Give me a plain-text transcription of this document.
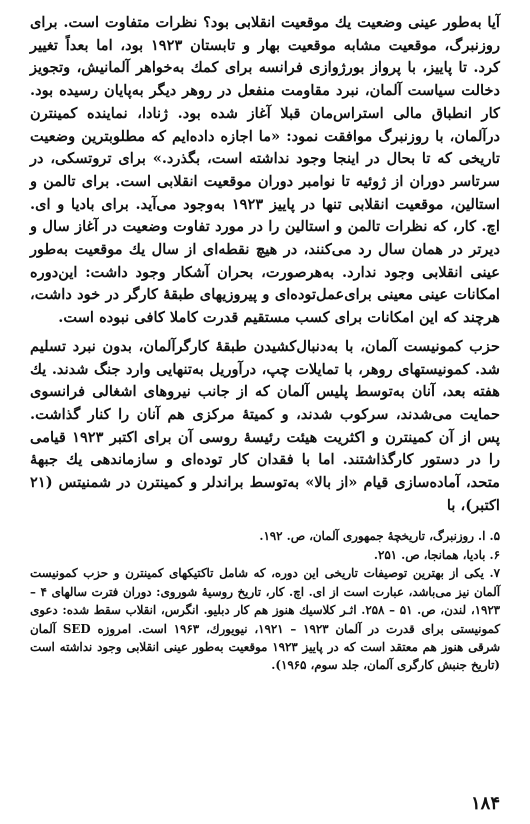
آیا به‌طور عینی وضعیت یك موقعیت انقلابی بود؟ نظرات متفاوت است. برای روزنبرگ، موقعیت مشابه موقعیت بهار و تابستان ۱۹۲۳ بود، اما بعداً تغییر کرد. تا پاییز، با پرواز بورژوازی فرانسه برای کمك به‌خواهر آلمانیش، وتجویز دخالت سیاست آلمان، نبرد مقاومت منفعل در روهر دیگر به‌پایان رسیده بود. کار انطباق مالی استراس‌مان قبلا آغاز شده بود. ژنادا، نماینده کمینترن درآلمان، با روزنبرگ موافقت نمود: «ما اجازه داده‌ایم که مطلوبترین وضعیت تاریخی که تا بحال در اینجا وجود نداشته است، بگذرد.» برای تروتسکی، در سرتاسر دوران از ژوئیه تا نوامبر دوران موقعیت انقلابی است. برای تالمن و استالین، موقعیت انقلابی تنها در پاییز ۱۹۲۳ به‌وجود می‌آید. برای بادیا و ای. اچ. کار، که نظرات تالمن و استالین را در مورد تفاوت وضعیت در آغاز سال و دیرتر در همان سال رد می‌کنند، در هیچ نقطه‌ای از سال یك موقعیت به‌طور عینی انقلابی وجود ندارد. به‌هرصورت، بحران آشکار وجود داشت: این‌دوره امکانات عینی معینی برای‌عمل‌توده‌ای و پیروزیهای طبقهٔ کارگر در خود داشت، هرچند که این امکانات برای کسب مستقیم قدرت کاملا کافی نبوده است.

حزب کمونیست آلمان، با به‌دنبال‌کشیدن طبقهٔ کارگرآلمان، بدون نبرد تسلیم شد. کمونیستهای روهر، با تمایلات چپ، درآوریل به‌تنهایی وارد جنگ شدند. یك هفته بعد، آنان به‌توسط پلیس آلمان که از جانب نیروهای اشغالی فرانسوی حمایت می‌شدند، سرکوب شدند، و کمیتهٔ مرکزی هم آنان را کنار گذاشت. پس از آن کمینترن و اکثریت هیئت رئیسهٔ روسی آن برای اکتبر ۱۹۲۳ قیامی را در دستور کارگذاشتند. اما با فقدان کار توده‌ای و سازماندهی یك جبههٔ متحد، آماده‌سازی قیام «از بالا» به‌توسط براندلر و کمینترن در شمنیتس (۲۱ اکتبر)، با

۵. ا. روزنبرگ، تاریخچهٔ جمهوری آلمان، ص. ۱۹۲.

۶. بادیا، همانجا، ص. ۲۵۱.

۷. یکی از بهترین توصیفات تاریخی این دوره، که شامل تاکتیکهای کمینترن و حزب کمونیست آلمان نیز می‌باشد، عبارت است از ای. اچ. کار، تاریخ روسیهٔ شوروی: دوران فترت سالهای ۴ – ۱۹۲۳، لندن، ص. ۵۱ – ۲۵۸. اثـر کلاسیك هنوز هم کار دبلیو. انگرس، انقلاب سقط شده: دعوی کمونیستی برای قدرت در آلمان ۱۹۲۳ – ۱۹۲۱، نیویورك، ۱۹۶۳ است. امروزه SED آلمان شرقی هنوز هم معتقد است که در پاییز ۱۹۲۳ موقعیت به‌طور عینی انقلابی وجود نداشته است (تاریخ جنبش کارگری آلمان، جلد سوم، ۱۹۶۵).

۱۸۴
